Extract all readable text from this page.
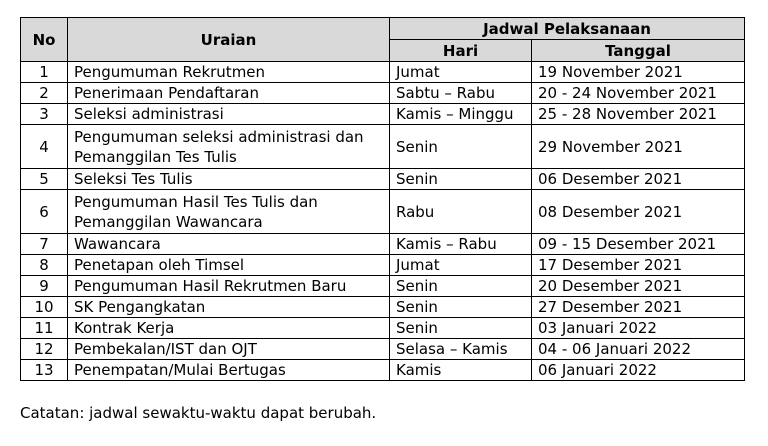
No	Uraian	Jadwal Pelaksanaan	
		Hari	Tanggal
1	Pengumuman Rekrutmen	Jumat	19 November 2021
2	Penerimaan Pendaftaran	Sabtu – Rabu	20 - 24 November 2021
3	Seleksi administrasi	Kamis – Minggu	25 - 28 November 2021
4	Pengumuman seleksi administrasi dan Pemanggilan Tes Tulis	Senin	29 November 2021
5	Seleksi Tes Tulis	Senin	06 Desember 2021
6	Pengumuman Hasil Tes Tulis dan Pemanggilan Wawancara	Rabu	08 Desember 2021
7	Wawancara	Kamis – Rabu	09 - 15 Desember 2021
8	Penetapan oleh Timsel	Jumat	17 Desember 2021
9	Pengumuman Hasil Rekrutmen Baru	Senin	20 Desember 2021
10	SK Pengangkatan	Senin	27 Desember 2021
11	Kontrak Kerja	Senin	03 Januari 2022
12	Pembekalan/IST dan OJT	Selasa – Kamis	04 - 06 Januari 2022
13	Penempatan/Mulai Bertugas	Kamis	06 Januari 2022
Catatan: jadwal sewaktu-waktu dapat berubah.
